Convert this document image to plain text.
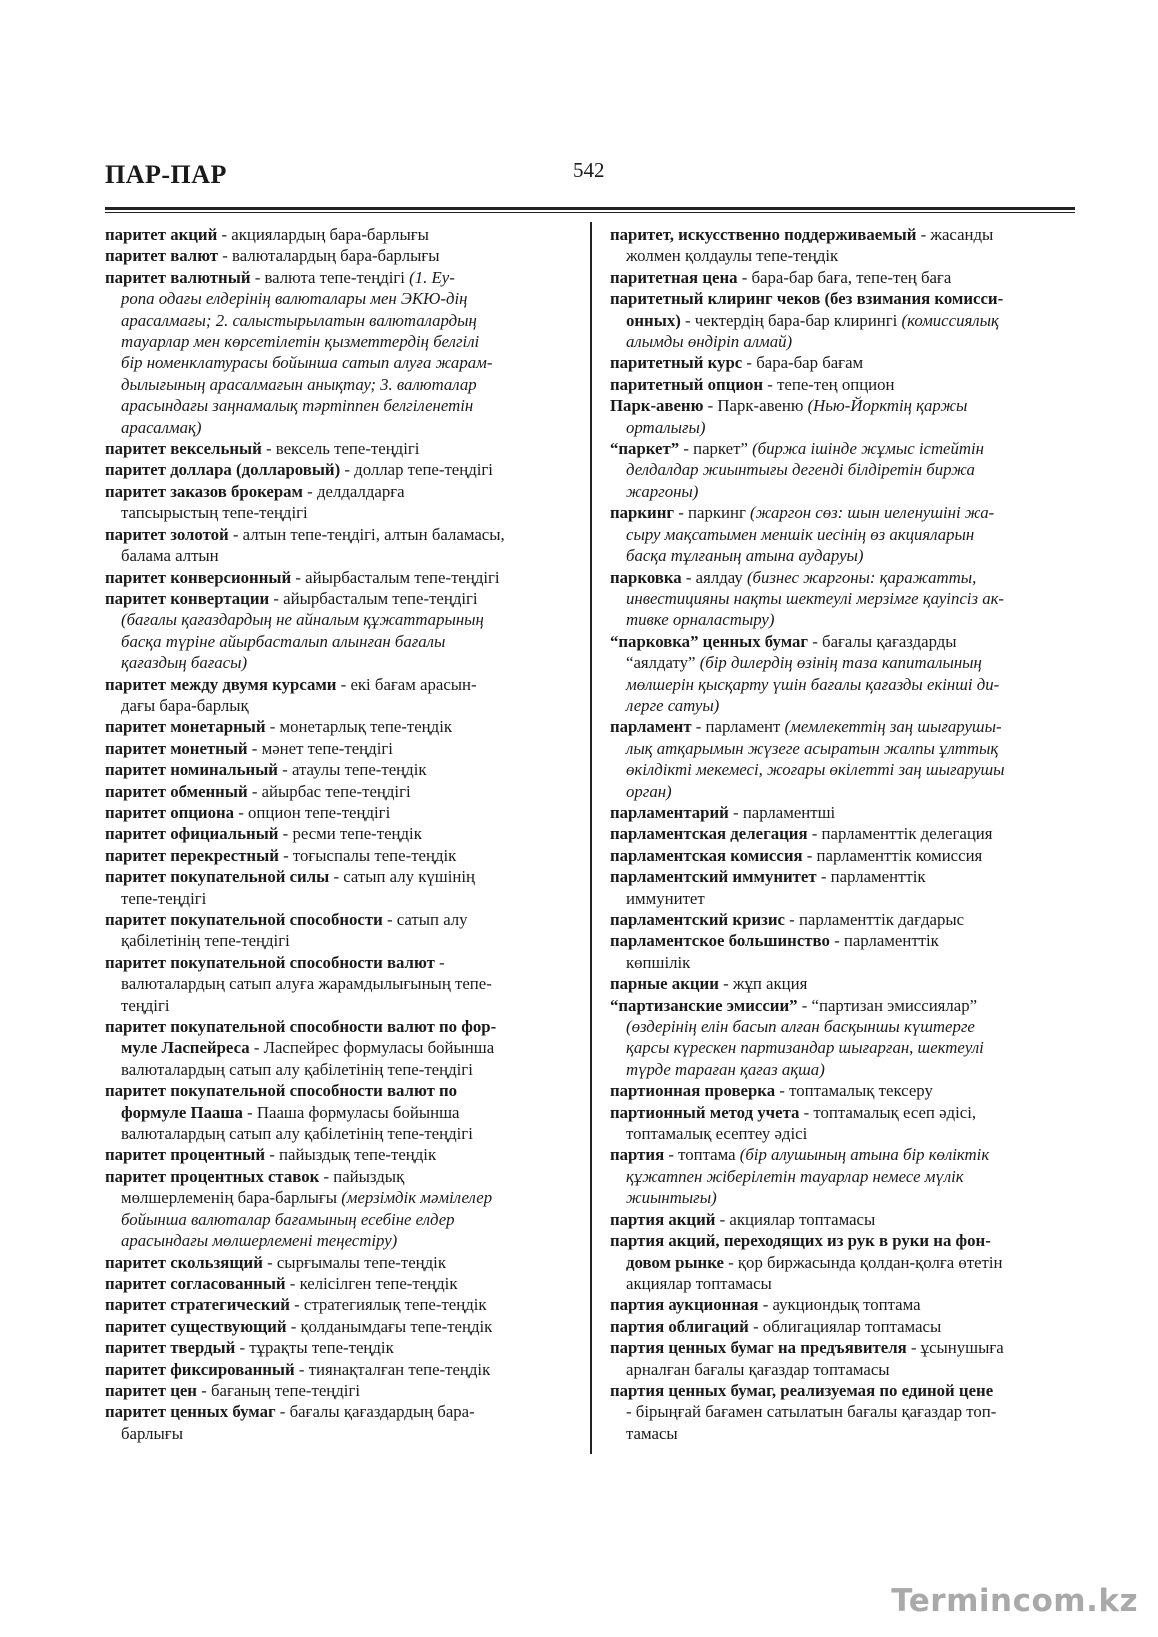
ПАР-ПАР	542

паритет акций - акциялардың бара-барлығы

паритет валют - валюталардың бара-барлығы

паритет валютный - валюта тепе-теңдігі (1. Еу-
ропа одағы елдерінің валюталары мен ЭКЮ-дің
арасалмағы; 2. салыстырылатын валюталардың
тауарлар мен көрсетілетін қызметтердің белгілі
бір номенклатурасы бойынша сатып алуға жарам-
дылығының арасалмағын анықтау; 3. валюталар
арасындағы заңнамалық тәртіппен белгіленетін
арасалмақ)

паритет вексельный - вексель тепе-теңдігі

паритет доллара (долларовый) - доллар тепе-теңдігі

паритет заказов брокерам - делдалдарға
тапсырыстың тепе-теңдігі

паритет золотой - алтын тепе-теңдігі, алтын баламасы,
балама алтын

паритет конверсионный - айырбасталым тепе-теңдігі

паритет конвертации - айырбасталым тепе-теңдігі
(бағалы қағаздардың не айналым құжаттарының
басқа түріне айырбасталып алынған бағалы
қағаздың бағасы)

паритет между двумя курсами - екі бағам арасын-
дағы бара-барлық

паритет монетарный - монетарлық тепе-теңдік

паритет монетный - мәнет тепе-теңдігі

паритет номинальный - атаулы тепе-теңдік

паритет обменный - айырбас тепе-теңдігі

паритет опциона - опцион тепе-теңдігі

паритет официальный - ресми тепе-теңдік

паритет перекрестный - тоғыспалы тепе-теңдік

паритет покупательной силы - сатып алу күшінің
тепе-теңдігі

паритет покупательной способности - сатып алу
қабілетінің тепе-теңдігі

паритет покупательной способности валют -
валюталардың сатып алуға жарамдылығының тепе-
теңдігі

паритет покупательной способности валют по фор-
муле Ласпейреса - Ласпейрес формуласы бойынша
валюталардың сатып алу қабілетінің тепе-теңдігі

паритет покупательной способности валют по
формуле Пааша - Пааша формуласы бойынша
валюталардың сатып алу қабілетінің тепе-теңдігі

паритет процентный - пайыздық тепе-теңдік

паритет процентных ставок - пайыздық
мөлшерлеменің бара-барлығы (мерзімдік мәмілелер
бойынша валюталар бағамының есебіне елдер
арасындағы мөлшерлемені теңестіру)

паритет скользящий - сырғымалы тепе-теңдік

паритет согласованный - келісілген тепе-теңдік

паритет стратегический - стратегиялық тепе-теңдік

паритет существующий - қолданымдағы тепе-теңдік

паритет твердый - тұрақты тепе-теңдік

паритет фиксированный - тиянақталған тепе-теңдік

паритет цен - бағаның тепе-теңдігі

паритет ценных бумаг - бағалы қағаздардың бара-
барлығы

паритет, искусственно поддерживаемый - жасанды
жолмен қолдаулы тепе-теңдік

паритетная цена - бара-бар баға, тепе-тең баға

паритетный клиринг чеков (без взимания комисси-
онных) - чектердің бара-бар клирингі (комиссиялық
алымды өндіріп алмай)

паритетный курс - бара-бар бағам

паритетный опцион - тепе-тең опцион

Парк-авеню - Парк-авеню (Нью-Йорктің қаржы
орталығы)

“паркет” - паркет” (биржа ішінде жұмыс істейтін
делдалдар жиынтығы дегенді білдіретін биржа
жаргоны)

паркинг - паркинг (жаргон сөз: шын иеленушіні жа-
сыру мақсатымен меншік иесінің өз акцияларын
басқа тұлғаның атына аударуы)

парковка - аялдау (бизнес жаргоны: қаражатты,
инвестицияны нақты шектеулі мерзімге қауіпсіз ак-
тивке орналастыру)

“парковка” ценных бумаг - бағалы қағаздарды
“аялдату” (бір дилердің өзінің таза капиталының
мөлшерін қысқарту үшін бағалы қағазды екінші ди-
лерге сатуы)

парламент - парламент (мемлекеттің заң шығарушы-
лық атқарымын жүзеге асыратын жалпы ұлттық
өкілдікті мекемесі, жоғары өкілетті заң шығарушы
орган)

парламентарий - парламентші

парламентская делегация - парламенттік делегация

парламентская комиссия - парламенттік комиссия

парламентский иммунитет - парламенттік
иммунитет

парламентский кризис - парламенттік дағдарыс

парламентское большинство - парламенттік
көпшілік

парные акции - жұп акция

“партизанские эмиссии” - “партизан эмиссиялар”
(өздерінің елін басып алған басқыншы күштерге
қарсы күрескен партизандар шығарған, шектеулі
түрде тараған қағаз ақша)

партионная проверка - топтамалық тексеру

партионный метод учета - топтамалық есеп әдісі,
топтамалық есептеу әдісі

партия - топтама (бір алушының атына бір көліктік
құжатпен жіберілетін тауарлар немесе мүлік
жиынтығы)

партия акций - акциялар топтамасы

партия акций, переходящих из рук в руки на фон-
довом рынке - қор биржасында қолдан-қолға өтетін
акциялар топтамасы

партия аукционная - аукциондық топтама

партия облигаций - облигациялар топтамасы

партия ценных бумаг на предъявителя - ұсынушыға
арналған бағалы қағаздар топтамасы

партия ценных бумаг, реализуемая по единой цене
- бірыңғай бағамен сатылатын бағалы қағаздар топ-
тамасы

Termincom.kz
